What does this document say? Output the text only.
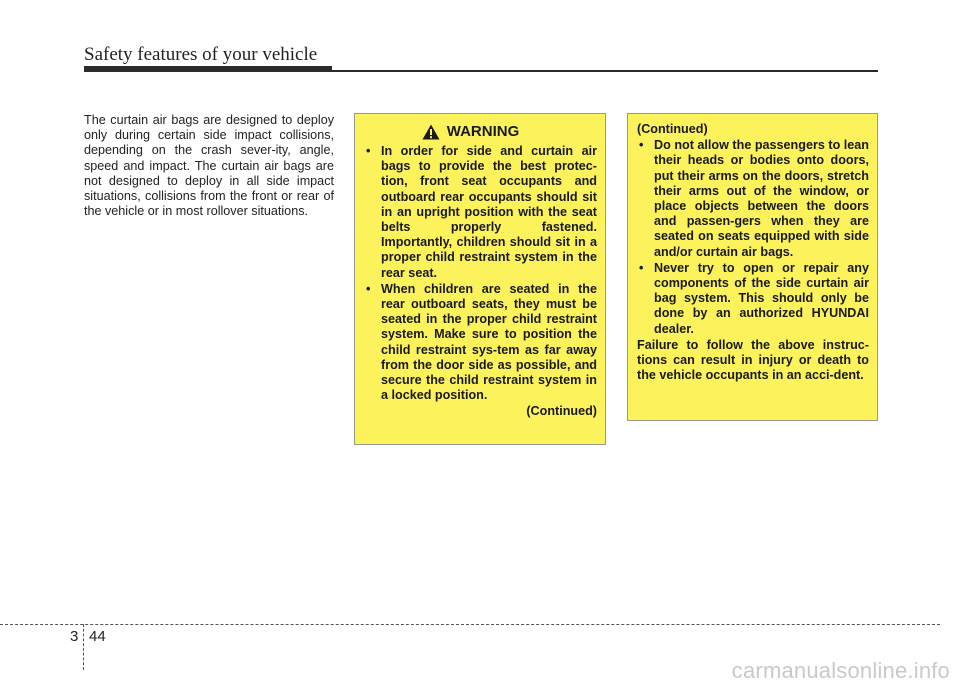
Safety features of your vehicle

The curtain air bags are designed to deploy only during certain side impact collisions, depending on the crash sever-ity, angle, speed and impact. The curtain air bags are not designed to deploy in all side impact situations, collisions from the front or rear of the vehicle or in most rollover situations.

WARNING
• In order for side and curtain air bags to provide the best protec-tion, front seat occupants and outboard rear occupants should sit in an upright position with the seat belts properly fastened. Importantly, children should sit in a proper child restraint system in the rear seat.
• When children are seated in the rear outboard seats, they must be seated in the proper child restraint system. Make sure to position the child restraint sys-tem as far away from the door side as possible, and secure the child restraint system in a locked position.
(Continued)
(Continued)
• Do not allow the passengers to lean their heads or bodies onto doors, put their arms on the doors, stretch their arms out of the window, or place objects between the doors and passen-gers when they are seated on seats equipped with side and/or curtain air bags.
• Never try to open or repair any components of the side curtain air bag system. This should only be done by an authorized HYUNDAI dealer.

Failure to follow the above instruc-tions can result in injury or death to the vehicle occupants in an acci-dent.

3 44
carmanualsonline.info
